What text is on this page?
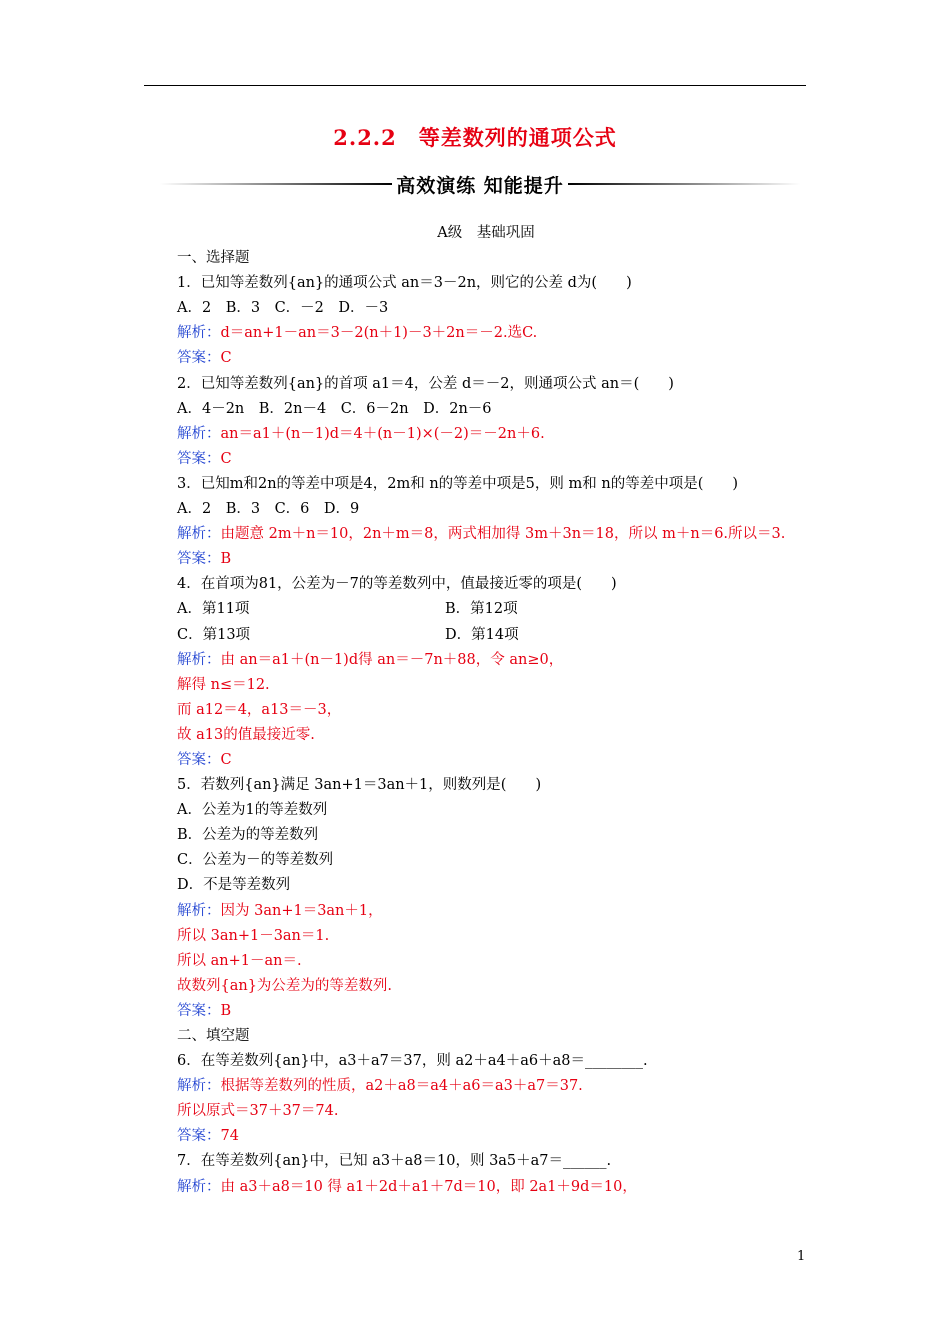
2.2.2　等差数列的通项公式
高效演练 知能提升
A级　基础巩固
一、选择题
1．已知等差数列{an}的通项公式 an＝3－2n，则它的公差 d为(　　)
A．2　B．3　C．－2　D．－3
解析：d＝an+1－an＝3－2(n＋1)－3＋2n＝－2.选C.
答案：C
2．已知等差数列{an}的首项 a1＝4，公差 d＝－2，则通项公式 an＝(　　)
A．4－2n　B．2n－4　C．6－2n　D．2n－6
解析：an＝a1＋(n－1)d＝4＋(n－1)×(－2)＝－2n＋6.
答案：C
3．已知m和2n的等差中项是4，2m和 n的等差中项是5，则 m和 n的等差中项是(　　)
A．2　B．3　C．6　D．9
解析：由题意 2m＋n＝10，2n＋m＝8，两式相加得 3m＋3n＝18，所以 m＋n＝6.所以＝3.
答案：B
4．在首项为81，公差为－7的等差数列中，值最接近零的项是(　　)
A．第11项	B．第12项
C．第13项	D．第14项
解析：由 an＝a1＋(n－1)d得 an＝－7n＋88，令 an≥0，
解得 n≤＝12.
而 a12＝4，a13＝－3，
故 a13的值最接近零.
答案：C
5．若数列{an}满足 3an+1＝3an＋1，则数列是(　　)
A．公差为1的等差数列
B．公差为的等差数列
C．公差为－的等差数列
D．不是等差数列
解析：因为 3an+1＝3an＋1，
所以 3an+1－3an＝1.
所以 an+1－an＝.
故数列{an}为公差为的等差数列.
答案：B
二、填空题
6．在等差数列{an}中，a3＋a7＝37，则 a2＋a4＋a6＋a8＝________.
解析：根据等差数列的性质，a2＋a8＝a4＋a6＝a3＋a7＝37.
所以原式＝37＋37＝74.
答案：74
7．在等差数列{an}中，已知 a3＋a8＝10，则 3a5＋a7＝______.
解析：由 a3＋a8＝10 得 a1＋2d＋a1＋7d＝10，即 2a1＋9d＝10，
1
